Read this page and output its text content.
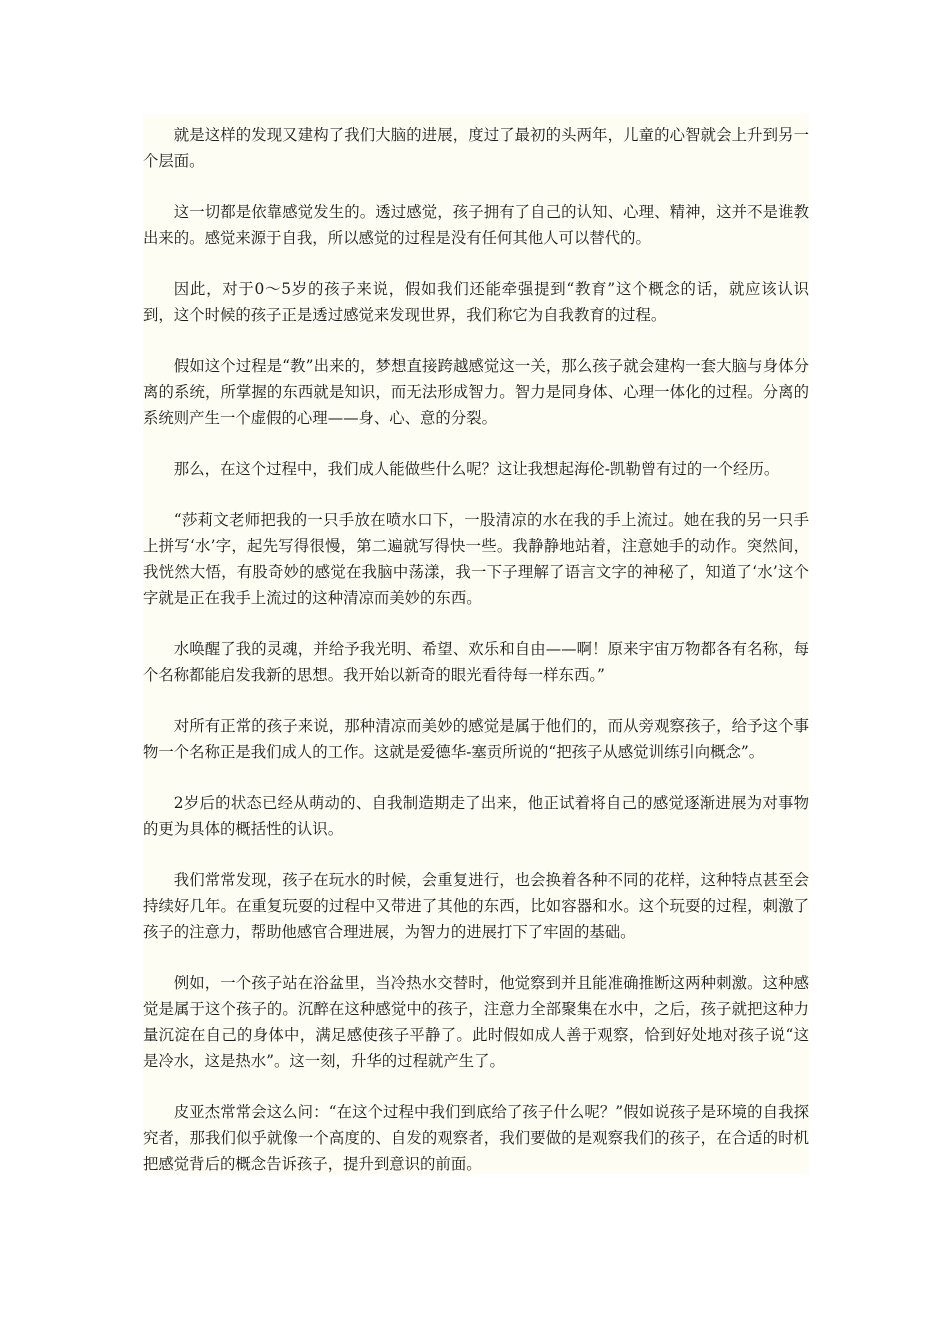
就是这样的发现又建构了我们大脑的进展，度过了最初的头两年，儿童的心智就会上升到另一个层面。

这一切都是依靠感觉发生的。透过感觉，孩子拥有了自己的认知、心理、精神，这并不是谁教出来的。感觉来源于自我，所以感觉的过程是没有任何其他人可以替代的。

因此，对于0～5岁的孩子来说，假如我们还能牵强提到“教育”这个概念的话，就应该认识到，这个时候的孩子正是透过感觉来发现世界，我们称它为自我教育的过程。

假如这个过程是“教”出来的，梦想直接跨越感觉这一关，那么孩子就会建构一套大脑与身体分离的系统，所掌握的东西就是知识，而无法形成智力。智力是同身体、心理一体化的过程。分离的系统则产生一个虚假的心理——身、心、意的分裂。

那么，在这个过程中，我们成人能做些什么呢？这让我想起海伦-凯勒曾有过的一个经历。

“莎莉文老师把我的一只手放在喷水口下，一股清凉的水在我的手上流过。她在我的另一只手上拼写‘水’字，起先写得很慢，第二遍就写得快一些。我静静地站着，注意她手的动作。突然间，我恍然大悟，有股奇妙的感觉在我脑中荡漾，我一下子理解了语言文字的神秘了，知道了‘水’这个字就是正在我手上流过的这种清凉而美妙的东西。

水唤醒了我的灵魂，并给予我光明、希望、欢乐和自由——啊！原来宇宙万物都各有名称，每个名称都能启发我新的思想。我开始以新奇的眼光看待每一样东西。”

对所有正常的孩子来说，那种清凉而美妙的感觉是属于他们的，而从旁观察孩子，给予这个事物一个名称正是我们成人的工作。这就是爱德华-塞贡所说的“把孩子从感觉训练引向概念”。

2岁后的状态已经从萌动的、自我制造期走了出来，他正试着将自己的感觉逐渐进展为对事物的更为具体的概括性的认识。

我们常常发现，孩子在玩水的时候，会重复进行，也会换着各种不同的花样，这种特点甚至会持续好几年。在重复玩耍的过程中又带进了其他的东西，比如容器和水。这个玩耍的过程，刺激了孩子的注意力，帮助他感官合理进展，为智力的进展打下了牢固的基础。

例如，一个孩子站在浴盆里，当冷热水交替时，他觉察到并且能准确推断这两种刺激。这种感觉是属于这个孩子的。沉醉在这种感觉中的孩子，注意力全部聚集在水中，之后，孩子就把这种力量沉淀在自己的身体中，满足感使孩子平静了。此时假如成人善于观察，恰到好处地对孩子说“这是冷水，这是热水”。这一刻，升华的过程就产生了。

皮亚杰常常会这么问：“在这个过程中我们到底给了孩子什么呢？”假如说孩子是环境的自我探究者，那我们似乎就像一个高度的、自发的观察者，我们要做的是观察我们的孩子，在合适的时机把感觉背后的概念告诉孩子，提升到意识的前面。
